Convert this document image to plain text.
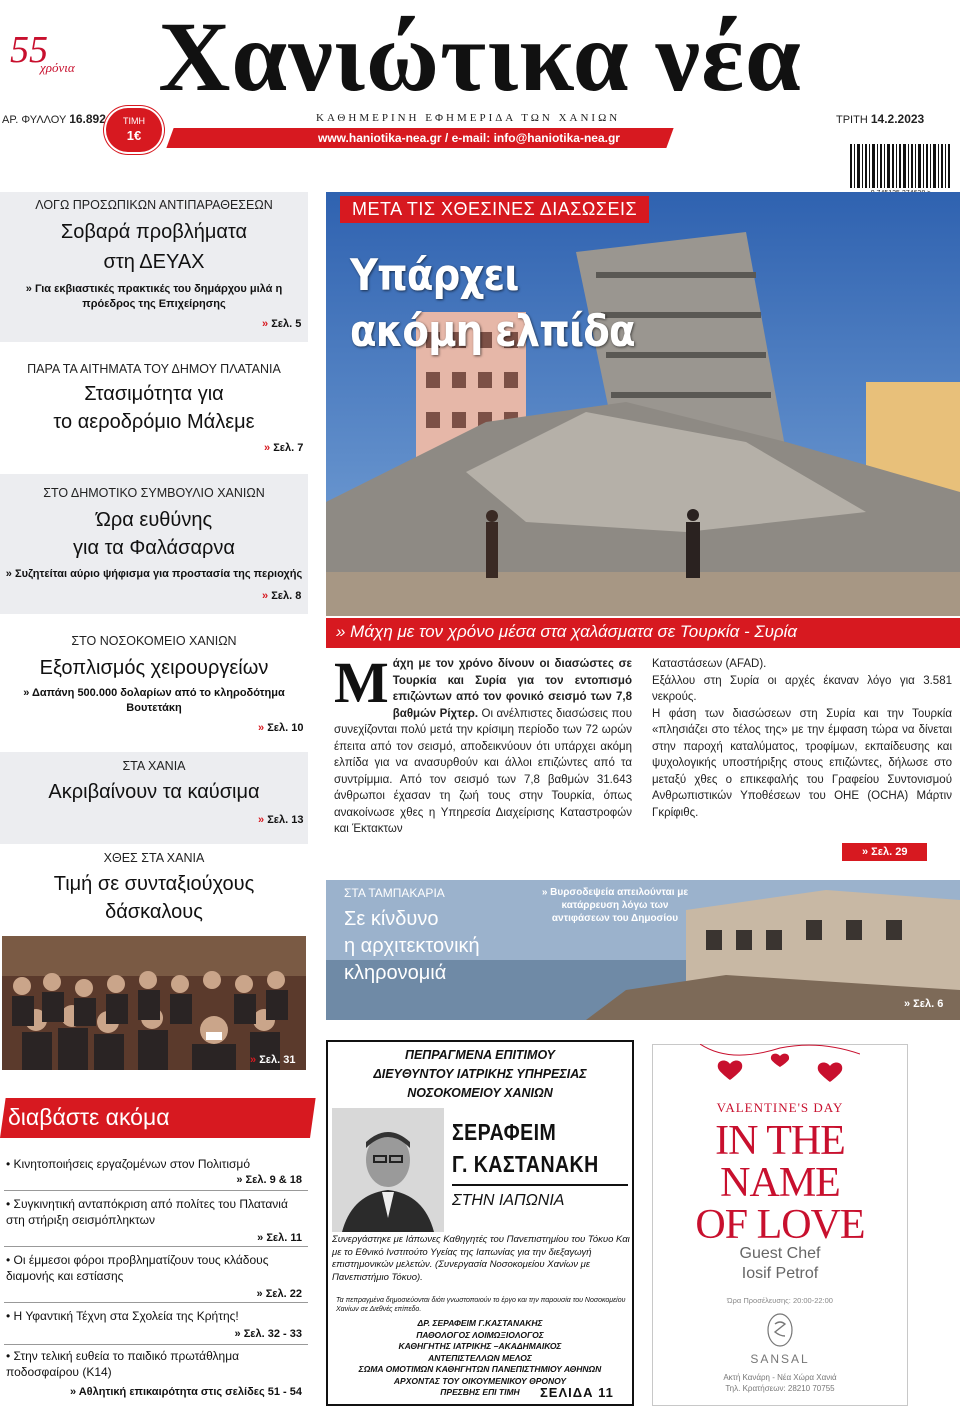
55
χρόνια Χανιώτικα νέα
ΑΡ. ΦΥΛΛΟΥ 16.892	ΤΙΜΗ
1€
ΚΑΘΗΜΕΡΙΝΗ ΕΦΗΜΕΡΙΔΑ ΤΩΝ ΧΑΝΙΩΝ	ΤΡΙΤΗ 14.2.2023
www.haniotika-nea.gr / e-mail: info@haniotika-nea.gr
ΛΟΓΩ ΠΡΟΣΩΠΙΚΩΝ ΑΝΤΙΠΑΡΑΘΕΣΕΩΝ
Σοβαρά προβλήματα
στη ΔΕΥΑΧ
» Για εκβιαστικές πρακτικές του δημάρχου μιλά η πρόεδρος της Επιχείρησης
» Σελ. 5
ΠΑΡΑ ΤΑ ΑΙΤΗΜΑΤΑ ΤΟΥ ΔΗΜΟΥ ΠΛΑΤΑΝΙΑ
Στασιμότητα για
το αεροδρόμιο Μάλεμε
» Σελ. 7
ΣΤΟ ΔΗΜΟΤΙΚΟ ΣΥΜΒΟΥΛΙΟ ΧΑΝΙΩΝ
Ώρα ευθύνης
για τα Φαλάσαρνα
» Συζητείται αύριο ψήφισμα για προστασία της περιοχής
» Σελ. 8
ΣΤΟ ΝΟΣΟΚΟΜΕΙΟ ΧΑΝΙΩΝ
Εξοπλισμός χειρουργείων
» Δαπάνη 500.000 δολαρίων από το κληροδότημα Βουτετάκη
» Σελ. 10
ΣΤΑ ΧΑΝΙΑ
Ακριβαίνουν τα καύσιμα
» Σελ. 13
ΧΘΕΣ ΣΤΑ ΧΑΝΙΑ
Τιμή σε συνταξιούχους
δάσκαλους
» Σελ. 31
διαβάστε ακόμα
• Κινητοποιήσεις εργαζομένων στον Πολιτισμό
» Σελ. 9 & 18
• Συγκινητική ανταπόκριση από πολίτες του Πλατανιά στη στήριξη σεισμόπληκτων
» Σελ. 11
• Οι έμμεσοι φόροι προβληματίζουν τους κλάδους διαμονής και εστίασης
» Σελ. 22
• Η Υφαντική Τέχνη στα Σχολεία της Κρήτης!
» Σελ. 32 - 33
• Στην τελική ευθεία το παιδικό πρωτάθλημα ποδοσφαίρου (Κ14)
» Αθλητική επικαιρότητα στις σελίδες 51 - 54
ΜΕΤΑ ΤΙΣ ΧΘΕΣΙΝΕΣ ΔΙΑΣΩΣΕΙΣ
Υπάρχει
ακόμη ελπίδα
» Μάχη με τον χρόνο μέσα στα χαλάσματα σε Τουρκία - Συρία
Μ άχη με τον χρόνο δίνουν οι διασώστες σε Τουρκία και Συρία για τον εντοπισμό επιζώντων από τον φονικό σεισμό των 7,8 βαθμών Ρίχτερ. Οι ανέλπιστες διασώσεις που συνεχίζονται πολύ μετά την κρίσιμη περίοδο των 72 ωρών έπειτα από τον σεισμό, αποδεικνύουν ότι υπάρχει ακόμη ελπίδα για να ανασυρθούν και άλλοι επιζώντες από τα συντρίμμια. Από τον σεισμό των 7,8 βαθμών 31.643 άνθρωποι έχασαν τη ζωή τους στην Τουρκία, όπως ανακοίνωσε χθες η Υπηρεσία Διαχείρισης Καταστροφών και Έκτακτων
Καταστάσεων (AFAD).
Εξάλλου στη Συρία οι αρχές έκαναν λόγο για 3.581 νεκρούς.
Η φάση των διασώσεων στη Συρία και την Τουρκία «πλησιάζει στο τέλος της» με την έμφαση τώρα να δίνεται στην παροχή καταλύματος, τροφίμων, εκπαίδευσης και ψυχολογικής υποστήριξης στους επιζώντες, δήλωσε στο μεταξύ χθες ο επικεφαλής του Γραφείου Συντονισμού Ανθρωπιστικών Υποθέσεων του ΟΗΕ (OCHA) Μάρτιν Γκρίφιθς.
» Σελ. 29
ΣΤΑ ΤΑΜΠΑΚΑΡΙΑ
Σε κίνδυνο
η αρχιτεκτονική
κληρονομιά
» Βυρσοδεψεία απειλούνται με κατάρρευση λόγω των αντιφάσεων του Δημοσίου
» Σελ. 6
ΠΕΠΡΑΓΜΕΝΑ ΕΠΙΤΙΜΟΥ
ΔΙΕΥΘΥΝΤΟΥ ΙΑΤΡΙΚΗΣ ΥΠΗΡΕΣΙΑΣ
ΝΟΣΟΚΟΜΕΙΟΥ ΧΑΝΙΩΝ
ΣΕΡΑΦΕΙΜ
Γ. ΚΑΣΤΑΝΑΚΗ
ΣΤΗΝ ΙΑΠΩΝΙΑ
Συνεργάστηκε με Ιάπωνες Καθηγητές του Πανεπιστημίου του Τόκυο Και με το Εθνικό Ινστιτούτο Υγείας της Ιαπωνίας για την διεξαγωγή επιστημονικών μελετών. (Συνεργασία Νοσοκομείου Χανίων με Πανεπιστήμιο Τόκυο).
Τα πεπραγμένα δημοσιεύονται διότι γνωστοποιούν το έργο και την παρουσία του Νοσοκομείου Χανίων σε Διεθνές επίπεδο.
ΔΡ. ΣΕΡΑΦΕΙΜ Γ.ΚΑΣΤΑΝΑΚΗΣ
ΠΑΘΟΛΟΓΟΣ ΛΟΙΜΩΞΙΟΛΟΓΟΣ
ΚΑΘΗΓΗΤΗΣ ΙΑΤΡΙΚΗΣ –ΑΚΑΔΗΜΑΙΚΟΣ
ΑΝΤΕΠΙΣΤΕΛΛΩΝ ΜΕΛΟΣ
ΣΩΜΑ ΟΜΟΤΙΜΩΝ ΚΑΘΗΓΗΤΩΝ ΠΑΝΕΠΙΣΤΗΜΙΟΥ ΑΘΗΝΩΝ
ΑΡΧΟΝΤΑΣ ΤΟΥ ΟΙΚΟΥΜΕΝΙΚΟΥ ΘΡΟΝΟΥ
ΠΡΕΣΒΗΣ ΕΠΙ ΤΙΜΗ	ΣΕΛΙΔΑ 11
VALENTINE'S DAY
IN THE
NAME
OF LOVE
Guest Chef
Iosif Petrof
Ώρα Προσέλευσης: 20:00-22:00
SANSAL
Ακτή Κανάρη - Νέα Χώρα Χανιά
Τηλ. Κρατήσεων: 28210 70755
